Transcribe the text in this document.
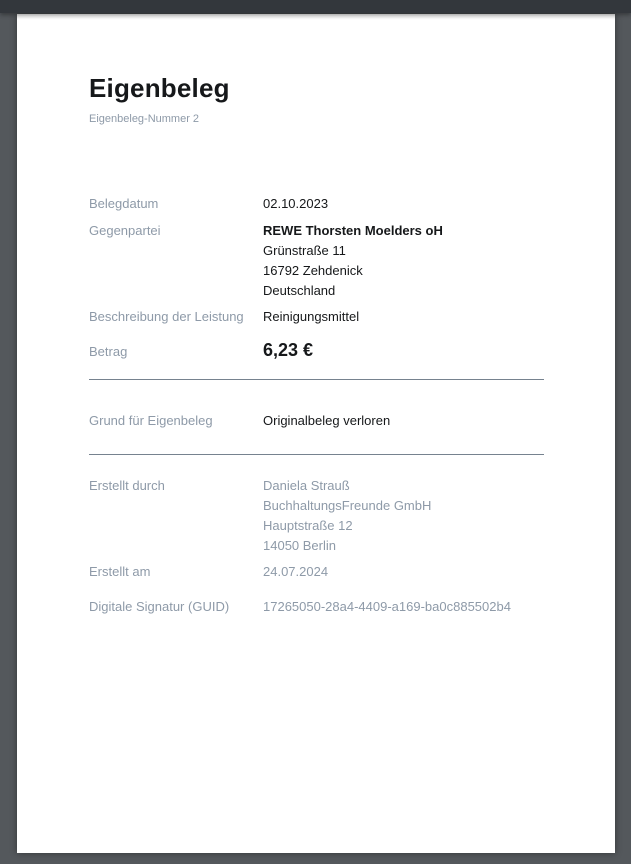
Eigenbeleg
Eigenbeleg-Nummer 2
Belegdatum	02.10.2023
Gegenpartei	REWE Thorsten Moelders oH
Grünstraße 11
16792 Zehdenick
Deutschland
Beschreibung der Leistung	Reinigungsmittel
Betrag	6,23 €
Grund für Eigenbeleg	Originalbeleg verloren
Erstellt durch	Daniela Strauß
BuchhaltungsFreunde GmbH
Hauptstraße 12
14050 Berlin
Erstellt am	24.07.2024
Digitale Signatur (GUID)	17265050-28a4-4409-a169-ba0c885502b4
